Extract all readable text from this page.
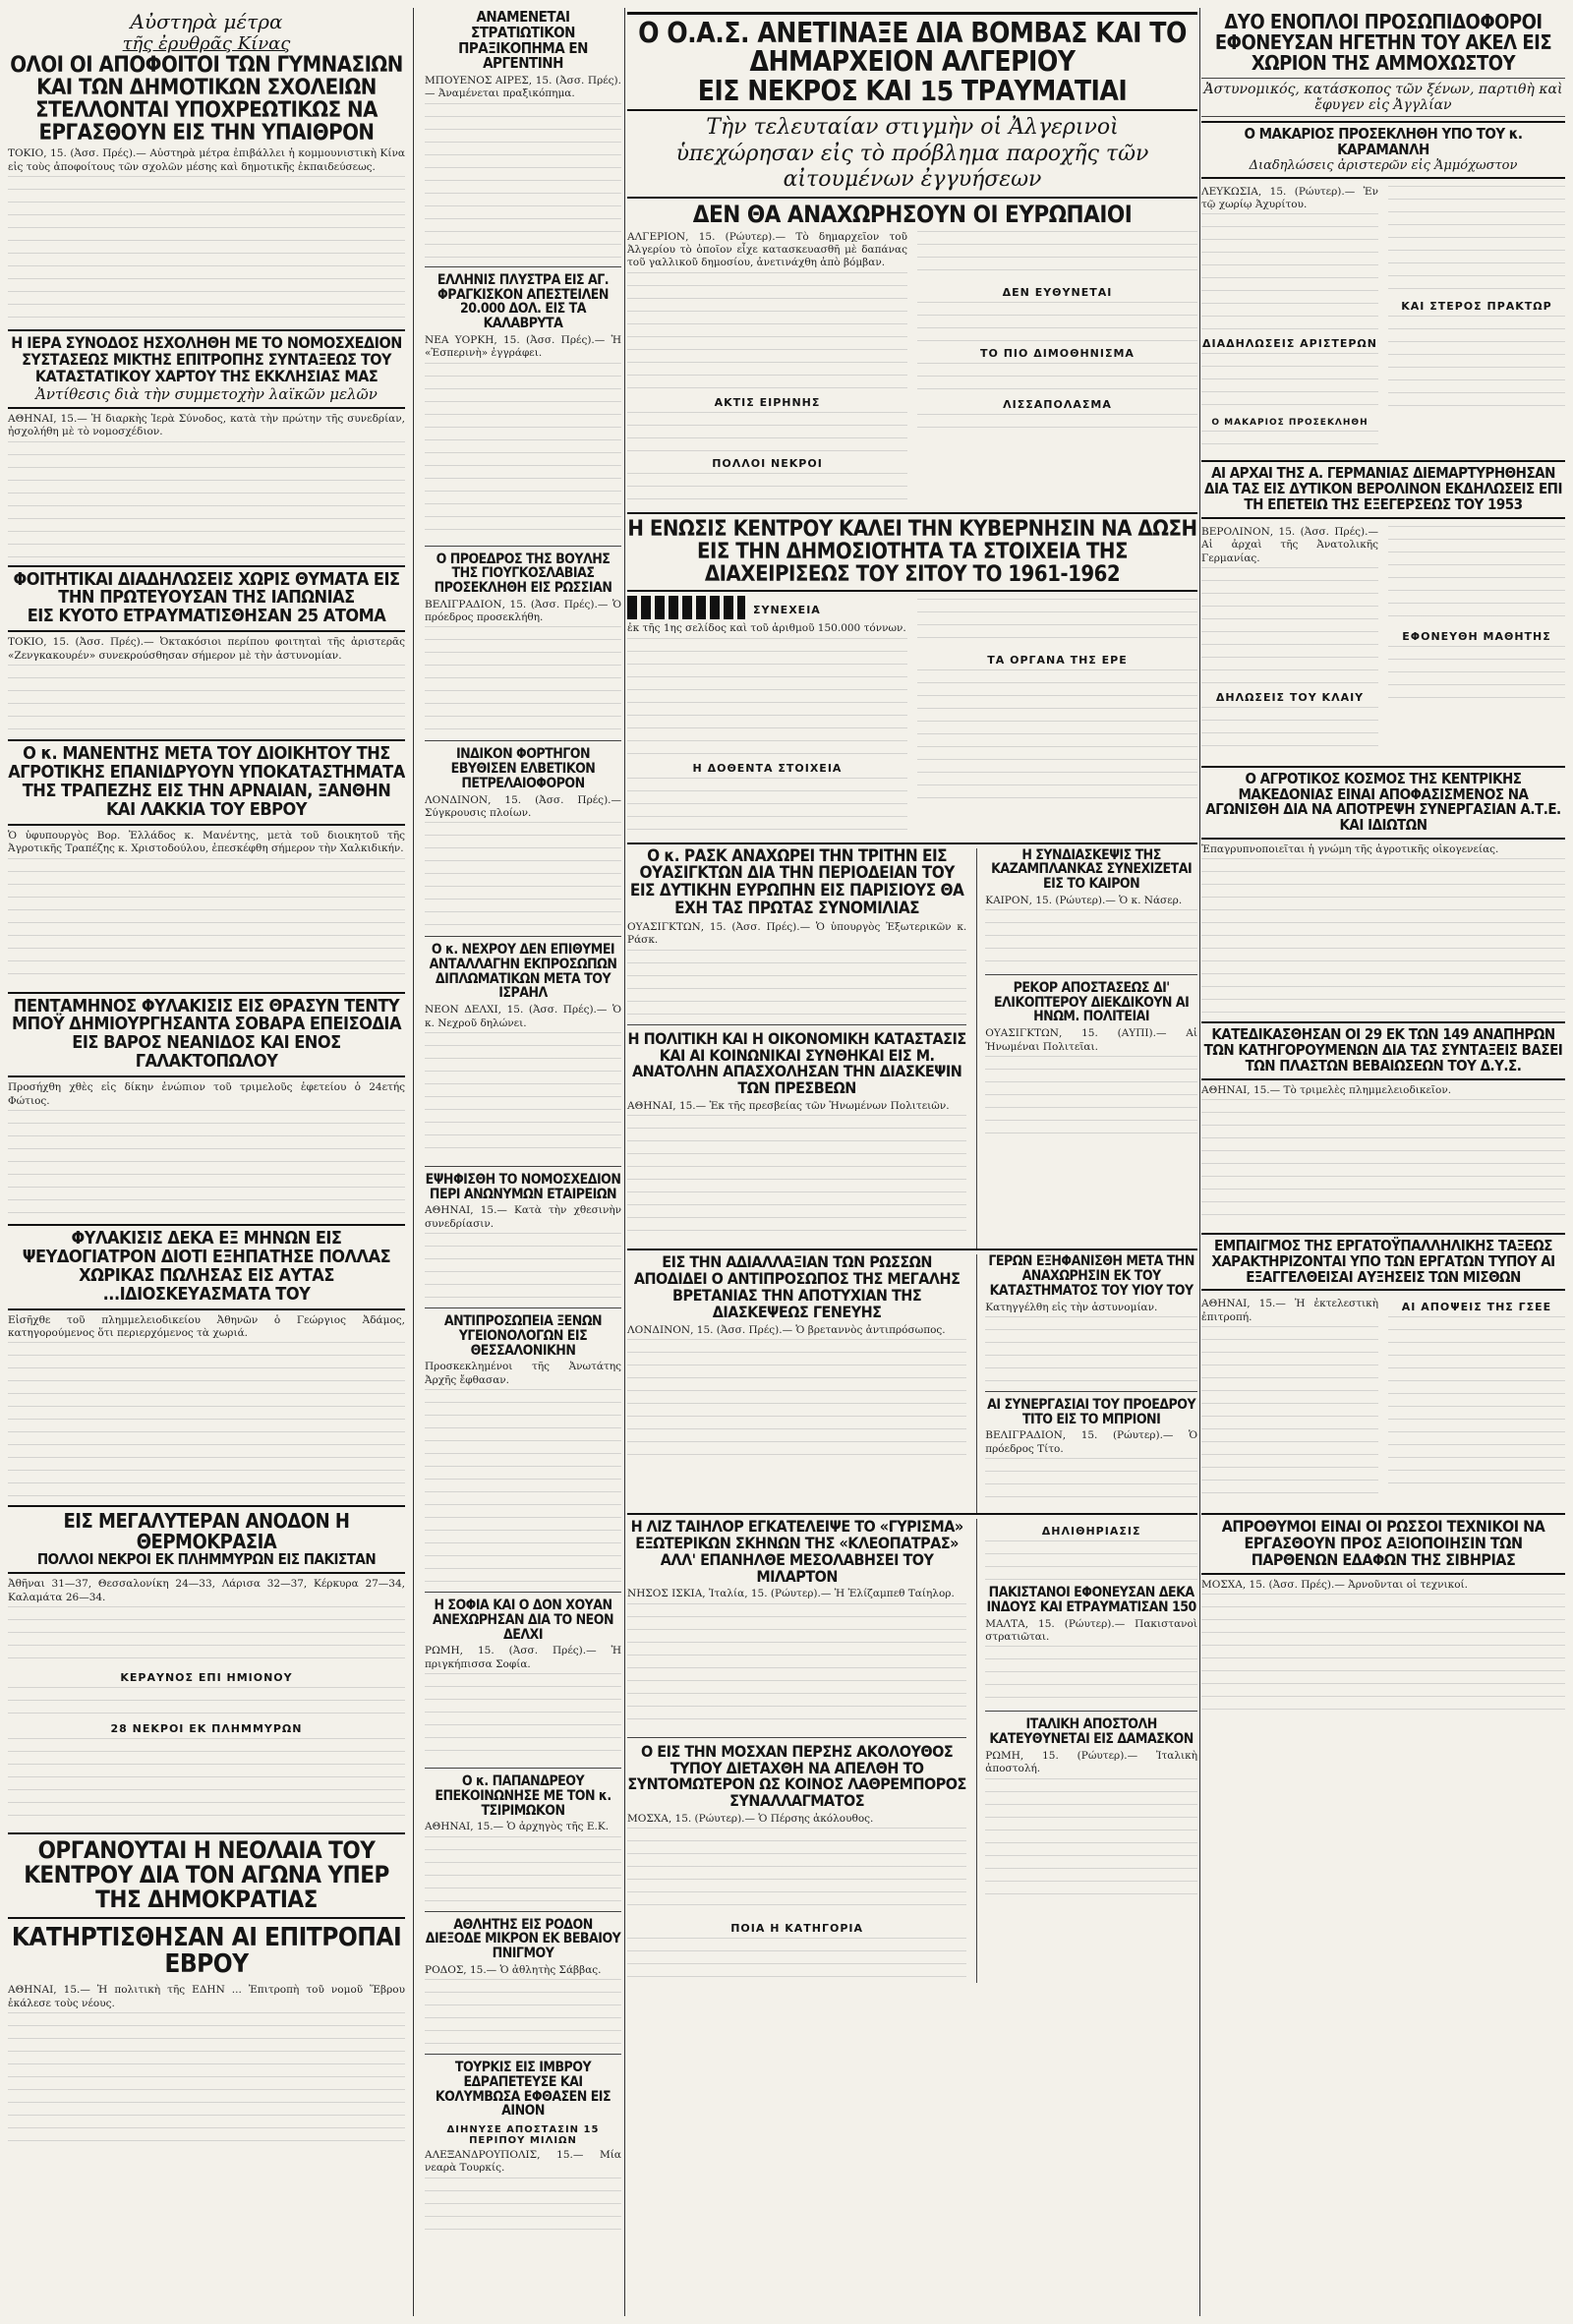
Αὐστηρὰ μέτρα
τῆς ἐρυθρᾶς Κίνας
ΟΛΟΙ ΟΙ ΑΠΟΦΟΙΤΟΙ ΤΩΝ ΓΥΜΝΑΣΙΩΝ ΚΑΙ ΤΩΝ ΔΗΜΟΤΙΚΩΝ ΣΧΟΛΕΙΩΝ ΣΤΕΛΛΟΝΤΑΙ ΥΠΟΧΡΕΩΤΙΚΩΣ ΝΑ ΕΡΓΑΣΘΟΥΝ ΕΙΣ ΤΗΝ ΥΠΑΙΘΡΟΝ
ΤΟΚΙΟ, 15. (Ἀσσ. Πρές).— Αὐστηρὰ μέτρα ἐπιβάλλει ἡ κομμουνιστικὴ Κίνα εἰς τοὺς ἀποφοίτους τῶν σχολῶν μέσης καὶ δημοτικῆς ἐκπαιδεύσεως.
Η ΙΕΡΑ ΣΥΝΟΔΟΣ ΗΣΧΟΛΗΘΗ ΜΕ ΤΟ ΝΟΜΟΣΧΕΔΙΟΝ ΣΥΣΤΑΣΕΩΣ ΜΙΚΤΗΣ ΕΠΙΤΡΟΠΗΣ ΣΥΝΤΑΞΕΩΣ ΤΟΥ ΚΑΤΑΣΤΑΤΙΚΟΥ ΧΑΡΤΟΥ ΤΗΣ ΕΚΚΛΗΣΙΑΣ ΜΑΣ
Ἀντίθεσις διὰ τὴν συμμετοχὴν λαϊκῶν μελῶν
ΑΘΗΝΑΙ, 15.— Ἡ διαρκὴς Ἱερὰ Σύνοδος, κατὰ τὴν πρώτην τῆς συνεδρίαν, ἠσχολήθη μὲ τὸ νομοσχέδιον.
ΦΟΙΤΗΤΙΚΑΙ ΔΙΑΔΗΛΩΣΕΙΣ ΧΩΡΙΣ ΘΥΜΑΤΑ ΕΙΣ ΤΗΝ ΠΡΩΤΕΥΟΥΣΑΝ ΤΗΣ ΙΑΠΩΝΙΑΣ
ΕΙΣ ΚΥΟΤΟ ΕΤΡΑΥΜΑΤΙΣΘΗΣΑΝ 25 ΑΤΟΜΑ
ΤΟΚΙΟ, 15. (Ἀσσ. Πρές).— Ὀκτακόσιοι περίπου φοιτηταὶ τῆς ἀριστερᾶς «Ζενγκακουρέν» συνεκρούσθησαν σήμερον μὲ τὴν ἀστυνομίαν.
Ο κ. ΜΑΝΕΝΤΗΣ ΜΕΤΑ ΤΟΥ ΔΙΟΙΚΗΤΟΥ ΤΗΣ ΑΓΡΟΤΙΚΗΣ ΕΠΑΝΙΔΡΥΟΥΝ ΥΠΟΚΑΤΑΣΤΗΜΑΤΑ ΤΗΣ ΤΡΑΠΕΖΗΣ ΕΙΣ ΤΗΝ ΑΡΝΑΙΑΝ, ΞΑΝΘΗΝ ΚΑΙ ΛΑΚΚΙΑ ΤΟΥ ΕΒΡΟΥ
Ὁ ὑφυπουργὸς Βορ. Ἑλλάδος κ. Μανέντης, μετὰ τοῦ διοικητοῦ τῆς Ἀγροτικῆς Τραπέζης κ. Χριστοδούλου, ἐπεσκέφθη σήμερον τὴν Χαλκιδικήν.
ΠΕΝΤΑΜΗΝΟΣ ΦΥΛΑΚΙΣΙΣ ΕΙΣ ΘΡΑΣΥΝ ΤΕΝΤΥ ΜΠΟΫ ΔΗΜΙΟΥΡΓΗΣΑΝΤΑ ΣΟΒΑΡΑ ΕΠΕΙΣΟΔΙΑ ΕΙΣ ΒΑΡΟΣ ΝΕΑΝΙΔΟΣ ΚΑΙ ΕΝΟΣ ΓΑΛΑΚΤΟΠΩΛΟΥ
Προσήχθη χθὲς εἰς δίκην ἐνώπιον τοῦ τριμελοῦς ἐφετείου ὁ 24ετής Φώτιος.
ΦΥΛΑΚΙΣΙΣ ΔΕΚΑ ΕΞ ΜΗΝΩΝ ΕΙΣ ΨΕΥΔΟΓΙΑΤΡΟΝ ΔΙΟΤΙ ΕΞΗΠΑΤΗΣΕ ΠΟΛΛΑΣ ΧΩΡΙΚΑΣ ΠΩΛΗΣΑΣ ΕΙΣ ΑΥΤΑΣ ...ΙΔΙΟΣΚΕΥΑΣΜΑΤΑ ΤΟΥ
Εἰσῆχθε τοῦ πλημμελειοδικείου Ἀθηνῶν ὁ Γεώργιος Ἀδάμος, κατηγορούμενος ὅτι περιερχόμενος τὰ χωριά.
ΕΙΣ ΜΕΓΑΛΥΤΕΡΑΝ ΑΝΟΔΟΝ Η ΘΕΡΜΟΚΡΑΣΙΑ
ΠΟΛΛΟΙ ΝΕΚΡΟΙ ΕΚ ΠΛΗΜΜΥΡΩΝ ΕΙΣ ΠΑΚΙΣΤΑΝ
Ἀθῆναι 31—37, Θεσσαλονίκη 24—33, Λάρισα 32—37, Κέρκυρα 27—34, Καλαμάτα 26—34.
ΚΕΡΑΥΝΟΣ ΕΠΙ ΗΜΙΟΝΟΥ
28 ΝΕΚΡΟΙ ΕΚ ΠΛΗΜΜΥΡΩΝ
ΟΡΓΑΝΟΥΤΑΙ Η ΝΕΟΛΑΙΑ ΤΟΥ ΚΕΝΤΡΟΥ ΔΙΑ ΤΟΝ ΑΓΩΝΑ ΥΠΕΡ ΤΗΣ ΔΗΜΟΚΡΑΤΙΑΣ
ΚΑΤΗΡΤΙΣΘΗΣΑΝ ΑΙ ΕΠΙΤΡΟΠΑΙ ΕΒΡΟΥ
ΑΘΗΝΑΙ, 15.— Ἡ πολιτικὴ τῆς ΕΔΗΝ ... Ἐπιτροπὴ τοῦ νομοῦ Ἕβρου ἐκάλεσε τοὺς νέους.
ΑΝΑΜΕΝΕΤΑΙ ΣΤΡΑΤΙΩΤΙΚΟΝ ΠΡΑΞΙΚΟΠΗΜΑ ΕΝ ΑΡΓΕΝΤΙΝΗ
ΜΠΟΥΕΝΟΣ ΑΙΡΕΣ, 15. (Ἀσσ. Πρές).— Ἀναμένεται πραξικόπημα.
ΕΛΛΗΝΙΣ ΠΛΥΣΤΡΑ ΕΙΣ ΑΓ. ΦΡΑΓΚΙΣΚΟΝ ΑΠΕΣΤΕΙΛΕΝ 20.000 ΔΟΛ. ΕΙΣ ΤΑ ΚΑΛΑΒΡΥΤΑ
ΝΕΑ ΥΟΡΚΗ, 15. (Ἀσσ. Πρές).— Ἡ «Ἑσπερινὴ» ἐγγράφει.
Ο ΠΡΟΕΔΡΟΣ ΤΗΣ ΒΟΥΛΗΣ ΤΗΣ ΓΙΟΥΓΚΟΣΛΑΒΙΑΣ ΠΡΟΣΕΚΛΗΘΗ ΕΙΣ ΡΩΣΣΙΑΝ
ΒΕΛΙΓΡΑΔΙΟΝ, 15. (Ἀσσ. Πρές).— Ὁ πρόεδρος προσεκλήθη.
ΙΝΔΙΚΟΝ ΦΟΡΤΗΓΟΝ ΕΒΥΘΙΣΕΝ ΕΛΒΕΤΙΚΟΝ ΠΕΤΡΕΛΑΙΟΦΟΡΟΝ
ΛΟΝΔΙΝΟΝ, 15. (Ἀσσ. Πρές).— Σύγκρουσις πλοίων.
Ο κ. ΝΕΧΡΟΥ ΔΕΝ ΕΠΙΘΥΜΕΙ ΑΝΤΑΛΛΑΓΗΝ ΕΚΠΡΟΣΩΠΩΝ ΔΙΠΛΩΜΑΤΙΚΩΝ ΜΕΤΑ ΤΟΥ ΙΣΡΑΗΛ
ΝΕΟΝ ΔΕΛΧΙ, 15. (Ἀσσ. Πρές).— Ὁ κ. Νεχροῦ δηλώνει.
ΕΨΗΦΙΣΘΗ ΤΟ ΝΟΜΟΣΧΕΔΙΟΝ ΠΕΡΙ ΑΝΩΝΥΜΩΝ ΕΤΑΙΡΕΙΩΝ
ΑΘΗΝΑΙ, 15.— Κατὰ τὴν χθεσινὴν συνεδρίασιν.
ΑΝΤΙΠΡΟΣΩΠΕΙΑ ΞΕΝΩΝ ΥΓΕΙΟΝΟΛΟΓΩΝ ΕΙΣ ΘΕΣΣΑΛΟΝΙΚΗΝ
Προσκεκλημένοι τῆς Ἀνωτάτης Ἀρχῆς ἔφθασαν.
Η ΣΟΦΙΑ ΚΑΙ Ο ΔΟΝ ΧΟΥΑΝ ΑΝΕΧΩΡΗΣΑΝ ΔΙΑ ΤΟ ΝΕΟΝ ΔΕΛΧΙ
ΡΩΜΗ, 15. (Ἀσσ. Πρές).— Ἡ πριγκήπισσα Σοφία.
Ο κ. ΠΑΠΑΝΔΡΕΟΥ ΕΠΕΚΟΙΝΩΝΗΣΕ ΜΕ ΤΟΝ κ. ΤΣΙΡΙΜΩΚΟΝ
ΑΘΗΝΑΙ, 15.— Ὁ ἀρχηγὸς τῆς Ε.Κ.
ΑΘΛΗΤΗΣ ΕΙΣ ΡΟΔΟΝ ΔΙΕΞΟΔΕ ΜΙΚΡΟΝ ΕΚ ΒΕΒΑΙΟΥ ΠΝΙΓΜΟΥ
ΡΟΔΟΣ, 15.— Ὁ ἀθλητὴς Σάββας.
ΤΟΥΡΚΙΣ ΕΙΣ ΙΜΒΡΟΥ ΕΔΡΑΠΕΤΕΥΣΕ ΚΑΙ ΚΟΛΥΜΒΩΣΑ ΕΦΘΑΣΕΝ ΕΙΣ ΑΙΝΟΝ
ΔΙΗΝΥΣΕ ΑΠΟΣΤΑΣΙΝ 15 ΠΕΡΙΠΟΥ ΜΙΛΙΩΝ
ΑΛΕΞΑΝΔΡΟΥΠΟΛΙΣ, 15.— Μία νεαρὰ Τουρκίς.
Ο Ο.Α.Σ. ΑΝΕΤΙΝΑΞΕ ΔΙΑ ΒΟΜΒΑΣ ΚΑΙ ΤΟ ΔΗΜΑΡΧΕΙΟΝ ΑΛΓΕΡΙΟΥ
ΕΙΣ ΝΕΚΡΟΣ ΚΑΙ 15 ΤΡΑΥΜΑΤΙΑΙ
Τὴν τελευταίαν στιγμὴν οἱ Ἀλγερινοὶ ὑπεχώρησαν εἰς τὸ πρόβλημα παροχῆς τῶν αἰτουμένων ἐγγυήσεων
ΔΕΝ ΘΑ ΑΝΑΧΩΡΗΣΟΥΝ ΟΙ ΕΥΡΩΠΑΙΟΙ
ΑΛΓΕΡΙΟΝ, 15. (Ρώυτερ).— Τὸ δημαρχεῖον τοῦ Ἀλγερίου τὸ ὁποῖον εἶχε κατασκευασθῆ μὲ δαπάνας τοῦ γαλλικοῦ δημοσίου, ἀνετινάχθη ἀπὸ βόμβαν.
ΑΚΤΙΣ ΕΙΡΗΝΗΣ
ΠΟΛΛΟΙ ΝΕΚΡΟΙ
ΔΕΝ ΕΥΘΥΝΕΤΑΙ
ΤΟ ΠΙΟ ΔΙΜΟΘΗΝΙΣΜΑ
ΛΙΣΣΑΠΟΛΑΣΜΑ
Η ΕΝΩΣΙΣ ΚΕΝΤΡΟΥ ΚΑΛΕΙ ΤΗΝ ΚΥΒΕΡΝΗΣΙΝ ΝΑ ΔΩΣΗ ΕΙΣ ΤΗΝ ΔΗΜΟΣΙΟΤΗΤΑ ΤΑ ΣΤΟΙΧΕΙΑ ΤΗΣ ΔΙΑΧΕΙΡΙΣΕΩΣ ΤΟΥ ΣΙΤΟΥ ΤΟ 1961-1962
ΣΥΝΕΧΕΙΑ
ἐκ τῆς 1ης σελίδος καὶ τοῦ ἀριθμοῦ 150.000 τόννων.
Η ΔΟΘΕΝΤΑ ΣΤΟΙΧΕΙΑ
ΤΑ ΟΡΓΑΝΑ ΤΗΣ ΕΡΕ
Ο κ. ΡΑΣΚ ΑΝΑΧΩΡΕΙ ΤΗΝ ΤΡΙΤΗΝ ΕΙΣ ΟΥΑΣΙΓΚΤΩΝ ΔΙΑ ΤΗΝ ΠΕΡΙΟΔΕΙΑΝ ΤΟΥ ΕΙΣ ΔΥΤΙΚΗΝ ΕΥΡΩΠΗΝ ΕΙΣ ΠΑΡΙΣΙΟΥΣ ΘΑ ΕΧΗ ΤΑΣ ΠΡΩΤΑΣ ΣΥΝΟΜΙΛΙΑΣ
ΟΥΑΣΙΓΚΤΩΝ, 15. (Ἀσσ. Πρές).— Ὁ ὑπουργὸς Ἐξωτερικῶν κ. Ράσκ.
Η ΠΟΛΙΤΙΚΗ ΚΑΙ Η ΟΙΚΟΝΟΜΙΚΗ ΚΑΤΑΣΤΑΣΙΣ ΚΑΙ ΑΙ ΚΟΙΝΩΝΙΚΑΙ ΣΥΝΘΗΚΑΙ ΕΙΣ Μ. ΑΝΑΤΟΛΗΝ ΑΠΑΣΧΟΛΗΣΑΝ ΤΗΝ ΔΙΑΣΚΕΨΙΝ ΤΩΝ ΠΡΕΣΒΕΩΝ
ΑΘΗΝΑΙ, 15.— Ἐκ τῆς πρεσβείας τῶν Ἡνωμένων Πολιτειῶν.
Η ΣΥΝΔΙΑΣΚΕΨΙΣ ΤΗΣ ΚΑΖΑΜΠΛΑΝΚΑΣ ΣΥΝΕΧΙΖΕΤΑΙ ΕΙΣ ΤΟ ΚΑΙΡΟΝ
ΚΑΙΡΟΝ, 15. (Ρώυτερ).— Ὁ κ. Νάσερ.
ΡΕΚΟΡ ΑΠΟΣΤΑΣΕΩΣ ΔΙ' ΕΛΙΚΟΠΤΕΡΟΥ ΔΙΕΚΔΙΚΟΥΝ ΑΙ ΗΝΩΜ. ΠΟΛΙΤΕΙΑΙ
ΟΥΑΣΙΓΚΤΩΝ, 15. (ΑΥΠΙ).— Αἱ Ἡνωμέναι Πολιτεῖαι.
ΕΙΣ ΤΗΝ ΑΔΙΑΛΛΑΞΙΑΝ ΤΩΝ ΡΩΣΣΩΝ ΑΠΟΔΙΔΕΙ Ο ΑΝΤΙΠΡΟΣΩΠΟΣ ΤΗΣ ΜΕΓΑΛΗΣ ΒΡΕΤΑΝΙΑΣ ΤΗΝ ΑΠΟΤΥΧΙΑΝ ΤΗΣ ΔΙΑΣΚΕΨΕΩΣ ΓΕΝΕΥΗΣ
ΛΟΝΔΙΝΟΝ, 15. (Ἀσσ. Πρές).— Ὁ βρεταννὸς ἀντιπρόσωπος.
ΓΕΡΩΝ ΕΞΗΦΑΝΙΣΘΗ ΜΕΤΑ ΤΗΝ ΑΝΑΧΩΡΗΣΙΝ ΕΚ ΤΟΥ ΚΑΤΑΣΤΗΜΑΤΟΣ ΤΟΥ ΥΙΟΥ ΤΟΥ
Κατηγγέλθη εἰς τὴν ἀστυνομίαν.
ΑΙ ΣΥΝΕΡΓΑΣΙΑΙ ΤΟΥ ΠΡΟΕΔΡΟΥ ΤΙΤΟ ΕΙΣ ΤΟ ΜΠΡΙΟΝΙ
ΒΕΛΙΓΡΑΔΙΟΝ, 15. (Ρώυτερ).— Ὁ πρόεδρος Τίτο.
Η ΛΙΖ ΤΑΙΗΛΟΡ ΕΓΚΑΤΕΛΕΙΨΕ ΤΟ «ΓΥΡΙΣΜΑ» ΕΞΩΤΕΡΙΚΩΝ ΣΚΗΝΩΝ ΤΗΣ «ΚΛΕΟΠΑΤΡΑΣ» ΑΛΛ' ΕΠΑΝΗΛΘΕ ΜΕΣΟΛΑΒΗΣΕΙ ΤΟΥ ΜΙΛΑΡΤΟΝ
ΝΗΣΟΣ ΙΣΚΙΑ, Ἰταλία, 15. (Ρώυτερ).— Ἡ Ἐλίζαμπεθ Ταίηλορ.
Ο ΕΙΣ ΤΗΝ ΜΟΣΧΑΝ ΠΕΡΣΗΣ ΑΚΟΛΟΥΘΟΣ ΤΥΠΟΥ ΔΙΕΤΑΧΘΗ ΝΑ ΑΠΕΛΘΗ ΤΟ ΣΥΝΤΟΜΩΤΕΡΟΝ ΩΣ ΚΟΙΝΟΣ ΛΑΘΡΕΜΠΟΡΟΣ ΣΥΝΑΛΛΑΓΜΑΤΟΣ
ΜΟΣΧΑ, 15. (Ρώυτερ).— Ὁ Πέρσης ἀκόλουθος.
ΠΟΙΑ Η ΚΑΤΗΓΟΡΙΑ
ΔΗΛΙΘΗΡΙΑΣΙΣ
ΠΑΚΙΣΤΑΝΟΙ ΕΦΟΝΕΥΣΑΝ ΔΕΚΑ ΙΝΔΟΥΣ ΚΑΙ ΕΤΡΑΥΜΑΤΙΣΑΝ 150
ΜΑΛΤΑ, 15. (Ρώυτερ).— Πακιστανοὶ στρατιῶται.
ΙΤΑΛΙΚΗ ΑΠΟΣΤΟΛΗ ΚΑΤΕΥΘΥΝΕΤΑΙ ΕΙΣ ΔΑΜΑΣΚΟΝ
ΡΩΜΗ, 15. (Ρώυτερ).— Ἰταλικὴ ἀποστολή.
ΔΥΟ ΕΝΟΠΛΟΙ ΠΡΟΣΩΠΙΔΟΦΟΡΟΙ ΕΦΟΝΕΥΣΑΝ ΗΓΕΤΗΝ ΤΟΥ ΑΚΕΛ ΕΙΣ ΧΩΡΙΟΝ ΤΗΣ ΑΜΜΟΧΩΣΤΟΥ
Ἀστυνομικός, κατάσκοπος τῶν ξένων, παρτιθὴ καὶ ἔφυγεν εἰς Ἀγγλίαν
Ο ΜΑΚΑΡΙΟΣ ΠΡΟΣΕΚΛΗΘΗ ΥΠΟ ΤΟΥ κ. ΚΑΡΑΜΑΝΛΗ
Διαδηλώσεις ἀριστερῶν εἰς Ἀμμόχωστον
ΛΕΥΚΩΣΙΑ, 15. (Ρώυτερ).— Ἐν τῷ χωρίῳ Ἀχυρίτου.
ΔΙΑΔΗΛΩΣΕΙΣ ΑΡΙΣΤΕΡΩΝ
Ο ΜΑΚΑΡΙΟΣ ΠΡΟΣΕΚΛΗΘΗ
ΚΑΙ ΣΤΕΡΟΣ ΠΡΑΚΤΩΡ
ΑΙ ΑΡΧΑΙ ΤΗΣ Α. ΓΕΡΜΑΝΙΑΣ ΔΙΕΜΑΡΤΥΡΗΘΗΣΑΝ ΔΙΑ ΤΑΣ ΕΙΣ ΔΥΤΙΚΟΝ ΒΕΡΟΛΙΝΟΝ ΕΚΔΗΛΩΣΕΙΣ ΕΠΙ ΤΗ ΕΠΕΤΕΙΩ ΤΗΣ ΕΞΕΓΕΡΣΕΩΣ ΤΟΥ 1953
ΒΕΡΟΛΙΝΟΝ, 15. (Ἀσσ. Πρές).— Αἱ ἀρχαὶ τῆς Ἀνατολικῆς Γερμανίας.
ΔΗΛΩΣΕΙΣ ΤΟΥ ΚΛΑΙΥ
ΕΦΟΝΕΥΘΗ ΜΑΘΗΤΗΣ
Ο ΑΓΡΟΤΙΚΟΣ ΚΟΣΜΟΣ ΤΗΣ ΚΕΝΤΡΙΚΗΣ ΜΑΚΕΔΟΝΙΑΣ ΕΙΝΑΙ ΑΠΟΦΑΣΙΣΜΕΝΟΣ ΝΑ ΑΓΩΝΙΣΘΗ ΔΙΑ ΝΑ ΑΠΟΤΡΕΨΗ ΣΥΝΕΡΓΑΣΙΑΝ Α.Τ.Ε. ΚΑΙ ΙΔΙΩΤΩΝ
Ἐπαγρυπνοποιεῖται ἡ γνώμη τῆς ἀγροτικῆς οἰκογενείας.
ΚΑΤΕΔΙΚΑΣΘΗΣΑΝ ΟΙ 29 ΕΚ ΤΩΝ 149 ΑΝΑΠΗΡΩΝ ΤΩΝ ΚΑΤΗΓΟΡΟΥΜΕΝΩΝ ΔΙΑ ΤΑΣ ΣΥΝΤΑΞΕΙΣ ΒΑΣΕΙ ΤΩΝ ΠΛΑΣΤΩΝ ΒΕΒΑΙΩΣΕΩΝ ΤΟΥ Δ.Υ.Σ.
ΑΘΗΝΑΙ, 15.— Τὸ τριμελὲς πλημμελειοδικεῖον.
ΕΜΠΑΙΓΜΟΣ ΤΗΣ ΕΡΓΑΤΟΫΠΑΛΛΗΛΙΚΗΣ ΤΑΞΕΩΣ ΧΑΡΑΚΤΗΡΙΖΟΝΤΑΙ ΥΠΟ ΤΩΝ ΕΡΓΑΤΩΝ ΤΥΠΟΥ ΑΙ ΕΞΑΓΓΕΛΘΕΙΣΑΙ ΑΥΞΗΣΕΙΣ ΤΩΝ ΜΙΣΘΩΝ
ΑΘΗΝΑΙ, 15.— Ἡ ἐκτελεστικὴ ἐπιτροπή.
ΑΙ ΑΠΟΨΕΙΣ ΤΗΣ ΓΣΕΕ
ΑΠΡΟΘΥΜΟΙ ΕΙΝΑΙ ΟΙ ΡΩΣΣΟΙ ΤΕΧΝΙΚΟΙ ΝΑ ΕΡΓΑΣΘΟΥΝ ΠΡΟΣ ΑΞΙΟΠΟΙΗΣΙΝ ΤΩΝ ΠΑΡΘΕΝΩΝ ΕΔΑΦΩΝ ΤΗΣ ΣΙΒΗΡΙΑΣ
ΜΟΣΧΑ, 15. (Ἀσσ. Πρές).— Ἀρνοῦνται οἱ τεχνικοί.
